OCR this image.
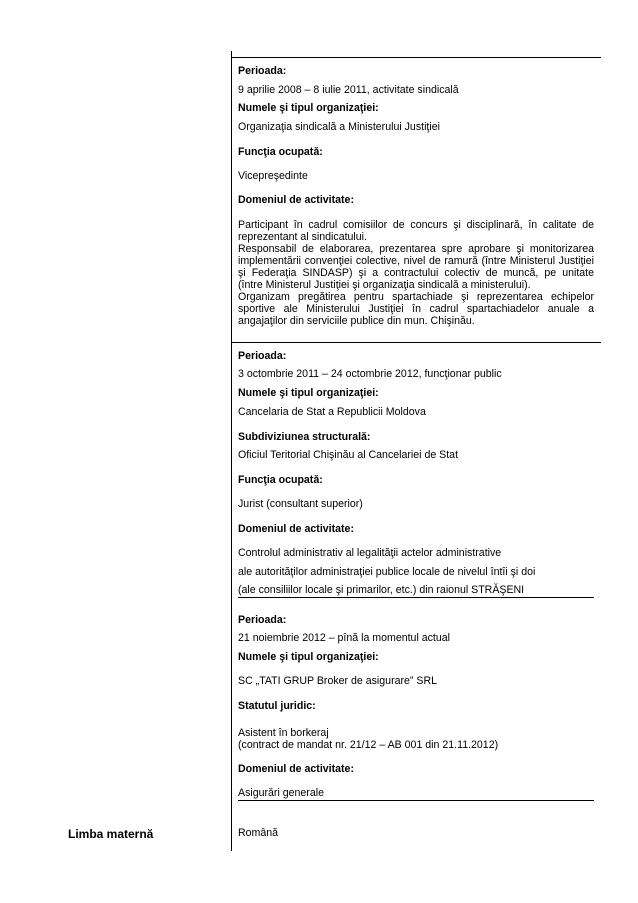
Perioada:
9 aprilie 2008 – 8 iulie 2011, activitate sindicală
Numele şi tipul organizaţiei:
Organizaţia sindicală a Ministerului Justiţiei
Funcţia ocupată:
Vicepreşedinte
Domeniul de activitate:
Participant în cadrul comisiilor de concurs şi disciplinară, în calitate de
reprezentant al sindicatului.
Responsabil de elaborarea, prezentarea spre aprobare şi monitorizarea
implementării convenţiei colective, nivel de ramură (între Ministerul Justiţiei
şi Federaţia SINDASP) şi a contractului colectiv de muncă, pe unitate
(între Ministerul Justiţiei şi organizaţia sindicală a ministerului).
Organizam pregătirea pentru spartachiade şi reprezentarea echipelor
sportive ale Ministerului Justiţiei în cadrul spartachiadelor anuale a
angajaţilor din serviciile publice din mun. Chişinău.
Perioada:
3 octombrie 2011 – 24 octombrie 2012, funcţionar public
Numele şi tipul organizaţiei:
Cancelaria de Stat a Republicii Moldova
Subdiviziunea structurală:
Oficiul Teritorial Chişinău al Cancelariei de Stat
Funcţia ocupată:
Jurist (consultant superior)
Domeniul de activitate:
Controlul administrativ al legalităţii actelor administrative
ale autorităţilor administraţiei publice locale de nivelul întîi şi doi
(ale consiliilor locale şi primarilor, etc.) din raionul STRĂŞENI
Perioada:
21 noiembrie 2012 – pînă la momentul actual
Numele şi tipul organizaţiei:
SC „TATI GRUP Broker de asigurare” SRL
Statutul juridic:
Asistent în borkeraj
(contract de mandat nr. 21/12 – AB 001 din 21.11.2012)
Domeniul de activitate:
Asigurări generale
Limba maternă	Română
